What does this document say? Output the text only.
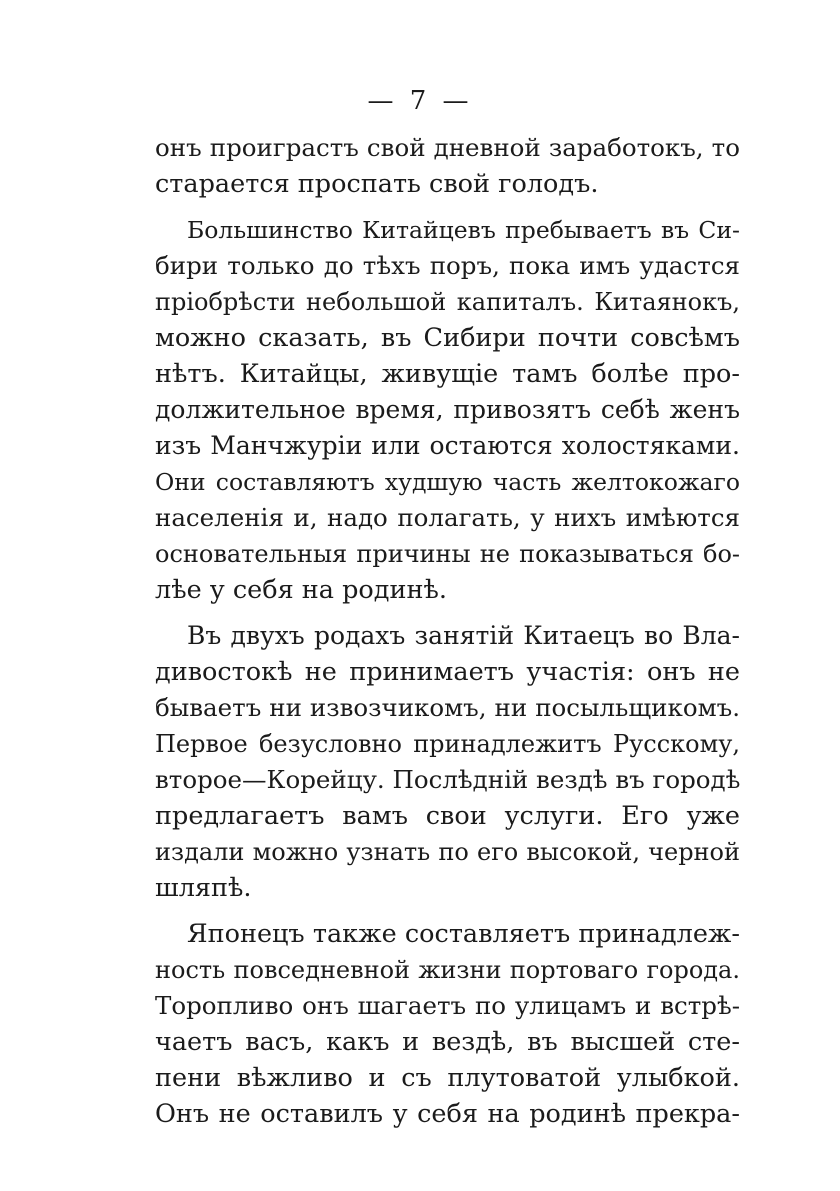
— 7 —
онъ проиграстъ свой дневной заработокъ, то
старается проспать свой голодъ.
Большинство Китайцевъ пребываетъ въ Си-
бири только до тѣхъ поръ, пока имъ удастся
пріобрѣсти небольшой капиталъ. Китаянокъ,
можно сказать, въ Сибири почти совсѣмъ
нѣтъ. Китайцы, живущіе тамъ болѣе про-
должительное время, привозятъ себѣ женъ
изъ Манчжуріи или остаются холостяками.
Они составляютъ худшую часть желтокожаго
населенія и, надо полагать, у нихъ имѣются
основательныя причины не показываться бо-
лѣе у себя на родинѣ.
Въ двухъ родахъ занятій Китаецъ во Вла-
дивостокѣ не принимаетъ участія: онъ не
бываетъ ни извозчикомъ, ни посыльщикомъ.
Первое безусловно принадлежитъ Русскому,
второе—Корейцу. Послѣдній вездѣ въ городѣ
предлагаетъ вамъ свои услуги. Его уже
издали можно узнать по его высокой, черной
шляпѣ.
Японецъ также составляетъ принадлеж-
ность повседневной жизни портоваго города.
Торопливо онъ шагаетъ по улицамъ и встрѣ-
чаетъ васъ, какъ и вездѣ, въ высшей сте-
пени вѣжливо и съ плутоватой улыбкой.
Онъ не оставилъ у себя на родинѣ прекра-
